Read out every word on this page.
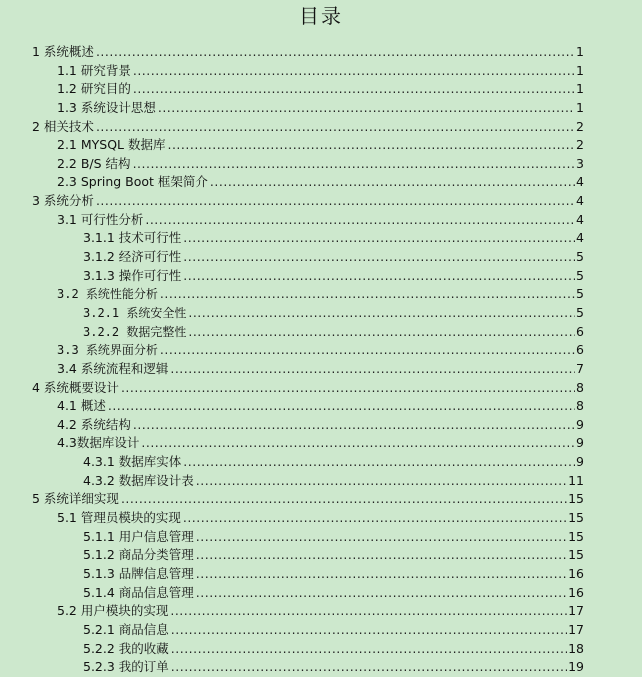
目录
1 系统概述 .....	1
1.1 研究背景 .....	1
1.2 研究目的 .....	1
1.3 系统设计思想 .....	1
2 相关技术 .....	2
2.1 MYSQL 数据库 .....	2
2.2 B/S 结构 .....	3
2.3 Spring Boot 框架简介 .....	4
3 系统分析 .....	4
3.1 可行性分析 .....	4
3.1.1 技术可行性 .....	4
3.1.2 经济可行性 .....	5
3.1.3 操作可行性 .....	5
3.2 系统性能分析 .....	5
3.2.1 系统安全性 .....	5
3.2.2 数据完整性 .....	6
3.3 系统界面分析 .....	6
3.4 系统流程和逻辑 .....	7
4 系统概要设计 .....	8
4.1 概述 .....	8
4.2 系统结构 .....	9
4.3数据库设计 .....	9
4.3.1 数据库实体 .....	9
4.3.2 数据库设计表 .....	11
5 系统详细实现 .....	15
5.1 管理员模块的实现 .....	15
5.1.1 用户信息管理 .....	15
5.1.2 商品分类管理 .....	15
5.1.3 品牌信息管理 .....	16
5.1.4 商品信息管理 .....	16
5.2 用户模块的实现 .....	17
5.2.1 商品信息 .....	17
5.2.2 我的收藏 .....	18
5.2.3 我的订单 .....	19
